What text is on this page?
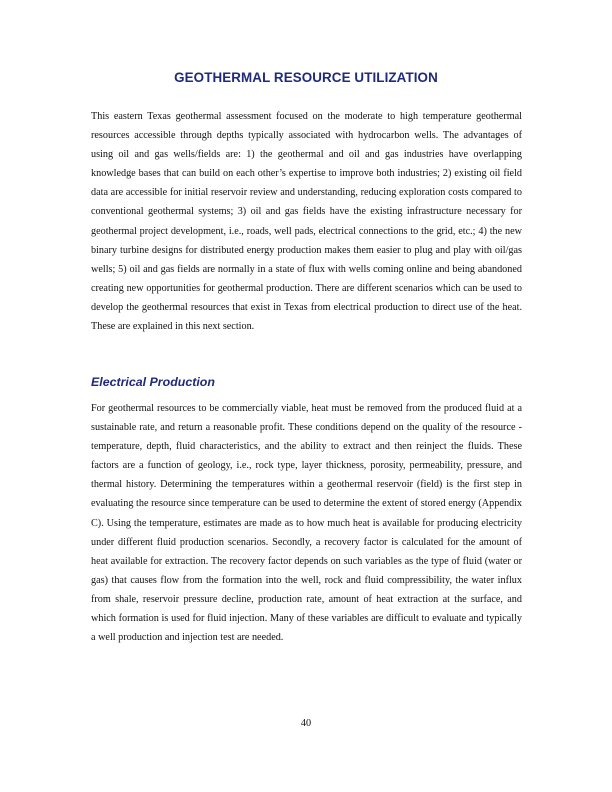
GEOTHERMAL RESOURCE UTILIZATION

This eastern Texas geothermal assessment focused on the moderate to high temperature geothermal resources accessible through depths typically associated with hydrocarbon wells. The advantages of using oil and gas wells/fields are: 1) the geothermal and oil and gas industries have overlapping knowledge bases that can build on each other’s expertise to improve both industries; 2) existing oil field data are accessible for initial reservoir review and understanding, reducing exploration costs compared to conventional geothermal systems; 3) oil and gas fields have the existing infrastructure necessary for geothermal project development, i.e., roads, well pads, electrical connections to the grid, etc.; 4) the new binary turbine designs for distributed energy production makes them easier to plug and play with oil/gas wells; 5) oil and gas fields are normally in a state of flux with wells coming online and being abandoned creating new opportunities for geothermal production. There are different scenarios which can be used to develop the geothermal resources that exist in Texas from electrical production to direct use of the heat. These are explained in this next section.

Electrical Production

For geothermal resources to be commercially viable, heat must be removed from the produced fluid at a sustainable rate, and return a reasonable profit. These conditions depend on the quality of the resource - temperature, depth, fluid characteristics, and the ability to extract and then reinject the fluids. These factors are a function of geology, i.e., rock type, layer thickness, porosity, permeability, pressure, and thermal history. Determining the temperatures within a geothermal reservoir (field) is the first step in evaluating the resource since temperature can be used to determine the extent of stored energy (Appendix C). Using the temperature, estimates are made as to how much heat is available for producing electricity under different fluid production scenarios. Secondly, a recovery factor is calculated for the amount of heat available for extraction. The recovery factor depends on such variables as the type of fluid (water or gas) that causes flow from the formation into the well, rock and fluid compressibility, the water influx from shale, reservoir pressure decline, production rate, amount of heat extraction at the surface, and which formation is used for fluid injection. Many of these variables are difficult to evaluate and typically a well production and injection test are needed.

40
